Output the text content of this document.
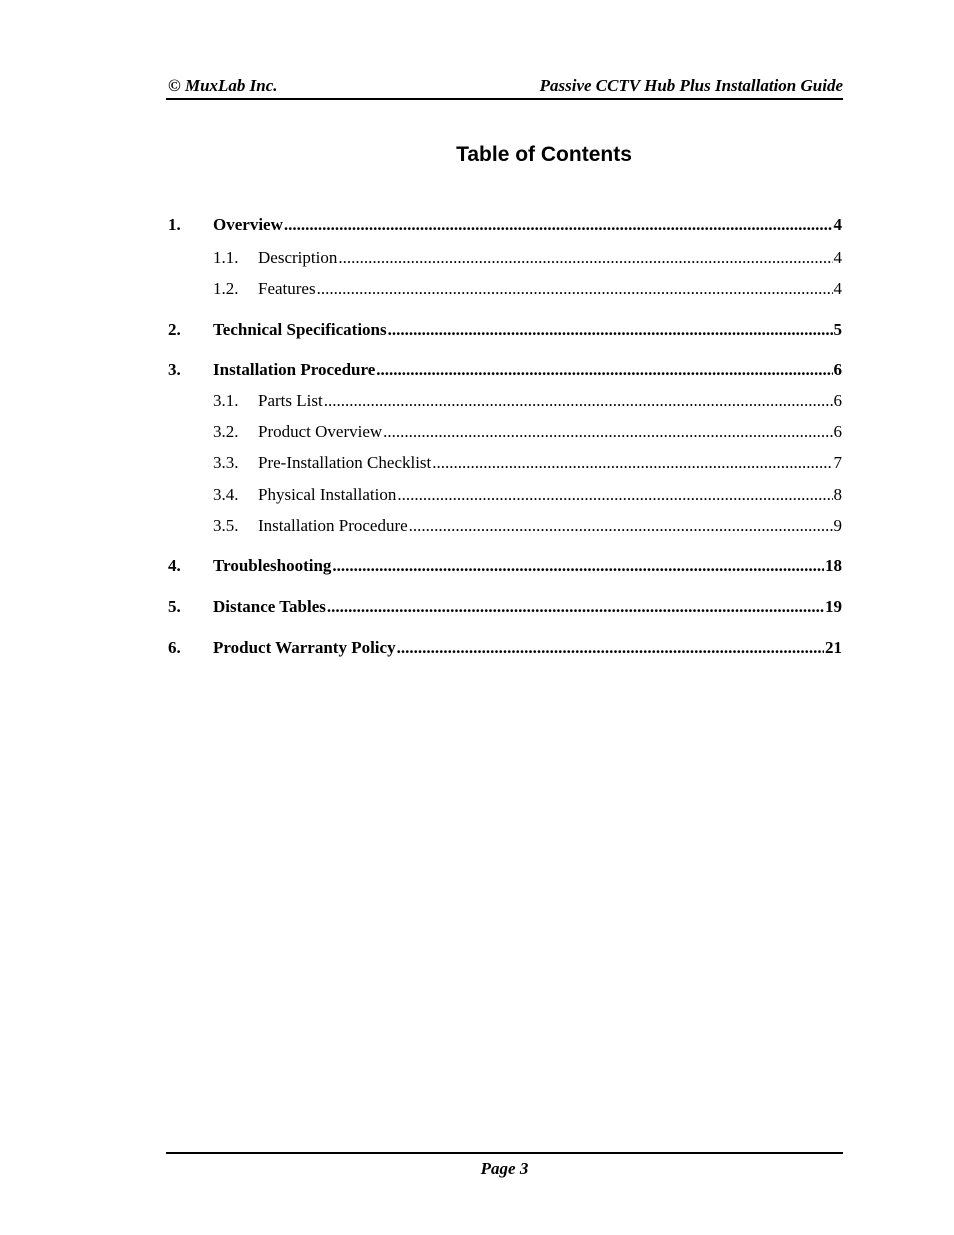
© MuxLab Inc.	Passive CCTV Hub Plus Installation Guide
Table of Contents
1. Overview .....	4
1.1. Description .....	4
1.2. Features .....	4
2. Technical Specifications .....	5
3. Installation Procedure .....	6
3.1. Parts List .....	6
3.2. Product Overview .....	6
3.3. Pre-Installation Checklist .....	7
3.4. Physical Installation .....	8
3.5. Installation Procedure .....	9
4. Troubleshooting .....	18
5. Distance Tables .....	19
6. Product Warranty Policy .....	21
Page 3
